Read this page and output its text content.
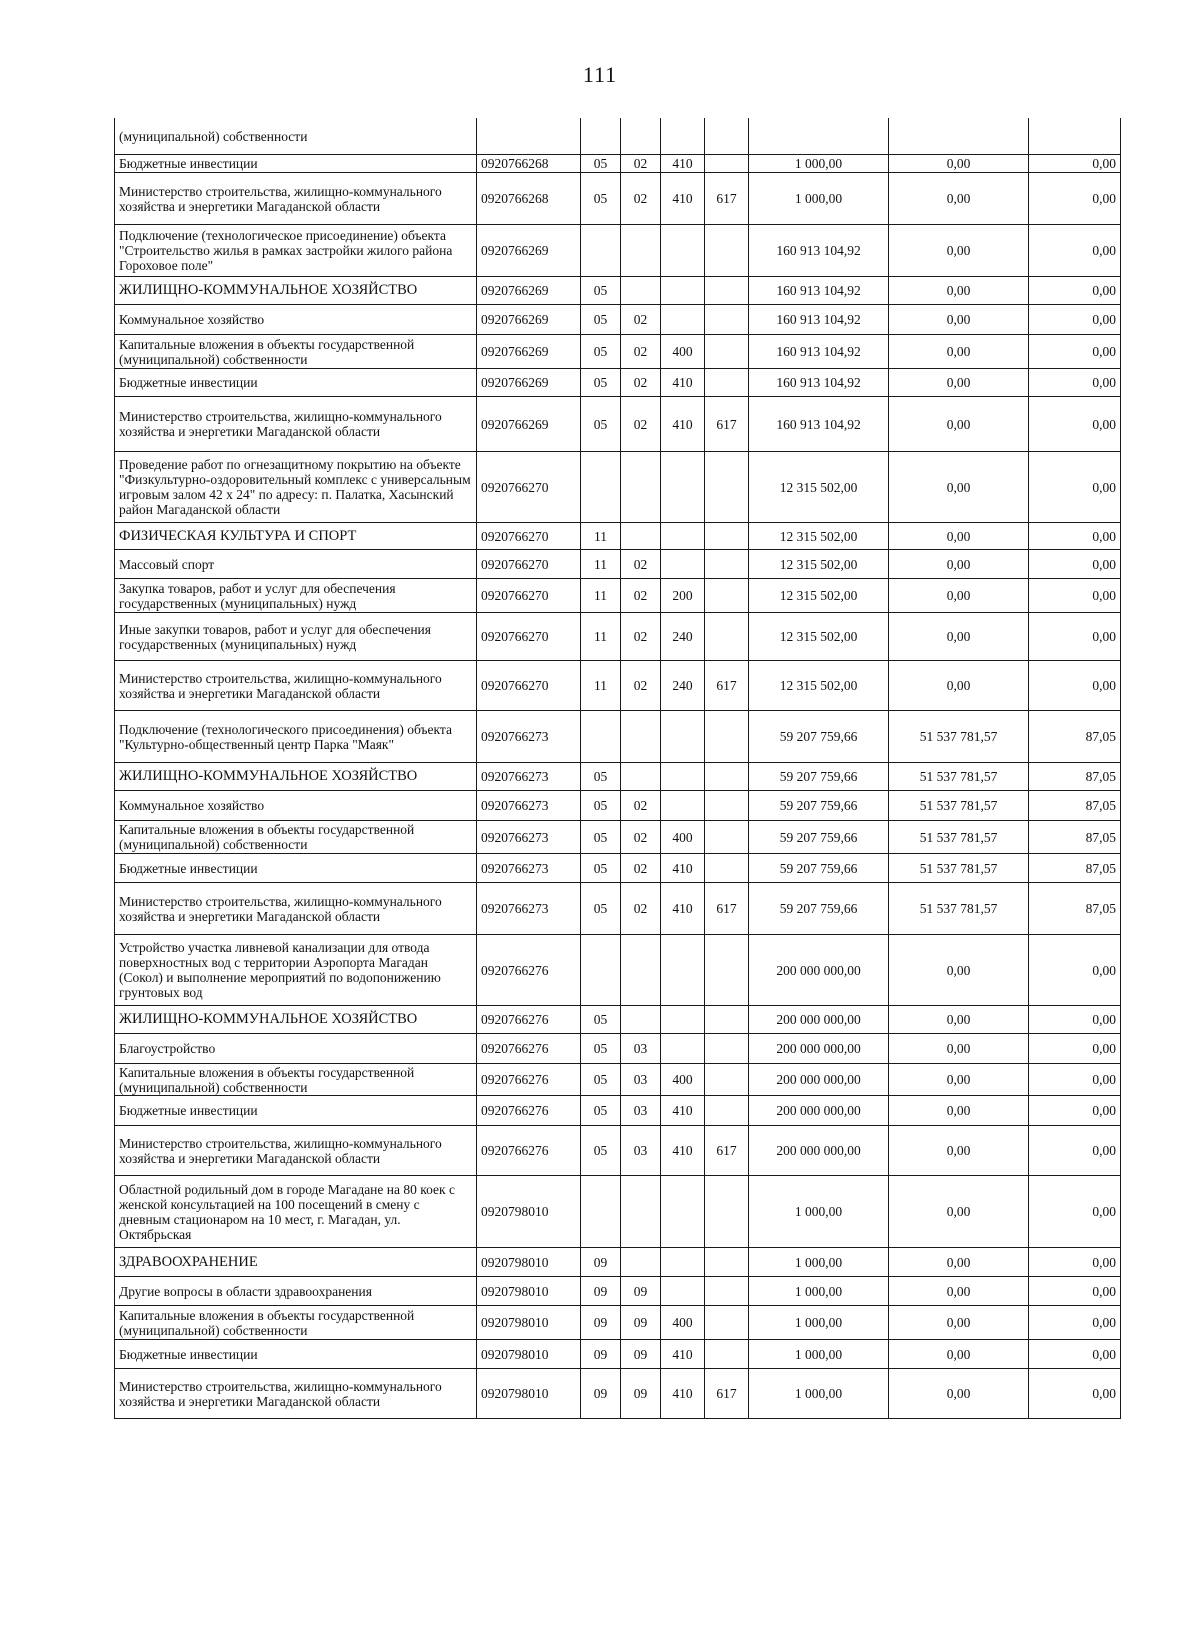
111
(муниципальной) собственности								
Бюджетные инвестиции	0920766268	05	02	410		1 000,00	0,00	0,00
Министерство строительства, жилищно-коммунального хозяйства и энергетики Магаданской области	0920766268	05	02	410	617	1 000,00	0,00	0,00
Подключение (технологическое присоединение) объекта "Строительство жилья в рамках застройки жилого района Гороховое поле"	0920766269					160 913 104,92	0,00	0,00
ЖИЛИЩНО-КОММУНАЛЬНОЕ ХОЗЯЙСТВО	0920766269	05				160 913 104,92	0,00	0,00
Коммунальное хозяйство	0920766269	05	02			160 913 104,92	0,00	0,00
Капитальные вложения в объекты государственной (муниципальной) собственности	0920766269	05	02	400		160 913 104,92	0,00	0,00
Бюджетные инвестиции	0920766269	05	02	410		160 913 104,92	0,00	0,00
Министерство строительства, жилищно-коммунального хозяйства и энергетики Магаданской области	0920766269	05	02	410	617	160 913 104,92	0,00	0,00
Проведение работ по огнезащитному покрытию на объекте "Физкультурно-оздоровительный комплекс с универсальным игровым залом 42 x 24" по адресу: п. Палатка, Хасынский район Магаданской области	0920766270					12 315 502,00	0,00	0,00
ФИЗИЧЕСКАЯ КУЛЬТУРА И СПОРТ	0920766270	11				12 315 502,00	0,00	0,00
Массовый спорт	0920766270	11	02			12 315 502,00	0,00	0,00
Закупка товаров, работ и услуг для обеспечения государственных (муниципальных) нужд	0920766270	11	02	200		12 315 502,00	0,00	0,00
Иные закупки товаров, работ и услуг для обеспечения государственных (муниципальных) нужд	0920766270	11	02	240		12 315 502,00	0,00	0,00
Министерство строительства, жилищно-коммунального хозяйства и энергетики Магаданской области	0920766270	11	02	240	617	12 315 502,00	0,00	0,00
Подключение (технологического присоединения) объекта "Культурно-общественный центр Парка "Маяк"	0920766273					59 207 759,66	51 537 781,57	87,05
ЖИЛИЩНО-КОММУНАЛЬНОЕ ХОЗЯЙСТВО	0920766273	05				59 207 759,66	51 537 781,57	87,05
Коммунальное хозяйство	0920766273	05	02			59 207 759,66	51 537 781,57	87,05
Капитальные вложения в объекты государственной (муниципальной) собственности	0920766273	05	02	400		59 207 759,66	51 537 781,57	87,05
Бюджетные инвестиции	0920766273	05	02	410		59 207 759,66	51 537 781,57	87,05
Министерство строительства, жилищно-коммунального хозяйства и энергетики Магаданской области	0920766273	05	02	410	617	59 207 759,66	51 537 781,57	87,05
Устройство участка ливневой канализации для отвода поверхностных вод с территории Аэропорта Магадан (Сокол) и выполнение мероприятий по водопонижению грунтовых вод	0920766276					200 000 000,00	0,00	0,00
ЖИЛИЩНО-КОММУНАЛЬНОЕ ХОЗЯЙСТВО	0920766276	05				200 000 000,00	0,00	0,00
Благоустройство	0920766276	05	03			200 000 000,00	0,00	0,00
Капитальные вложения в объекты государственной (муниципальной) собственности	0920766276	05	03	400		200 000 000,00	0,00	0,00
Бюджетные инвестиции	0920766276	05	03	410		200 000 000,00	0,00	0,00
Министерство строительства, жилищно-коммунального хозяйства и энергетики Магаданской области	0920766276	05	03	410	617	200 000 000,00	0,00	0,00
Областной родильный дом в городе Магадане на 80 коек с женской консультацией на 100 посещений в смену с дневным стационаром на 10 мест, г. Магадан, ул. Октябрьская	0920798010					1 000,00	0,00	0,00
ЗДРАВООХРАНЕНИЕ	0920798010	09				1 000,00	0,00	0,00
Другие вопросы в области здравоохранения	0920798010	09	09			1 000,00	0,00	0,00
Капитальные вложения в объекты государственной (муниципальной) собственности	0920798010	09	09	400		1 000,00	0,00	0,00
Бюджетные инвестиции	0920798010	09	09	410		1 000,00	0,00	0,00
Министерство строительства, жилищно-коммунального хозяйства и энергетики Магаданской области	0920798010	09	09	410	617	1 000,00	0,00	0,00
